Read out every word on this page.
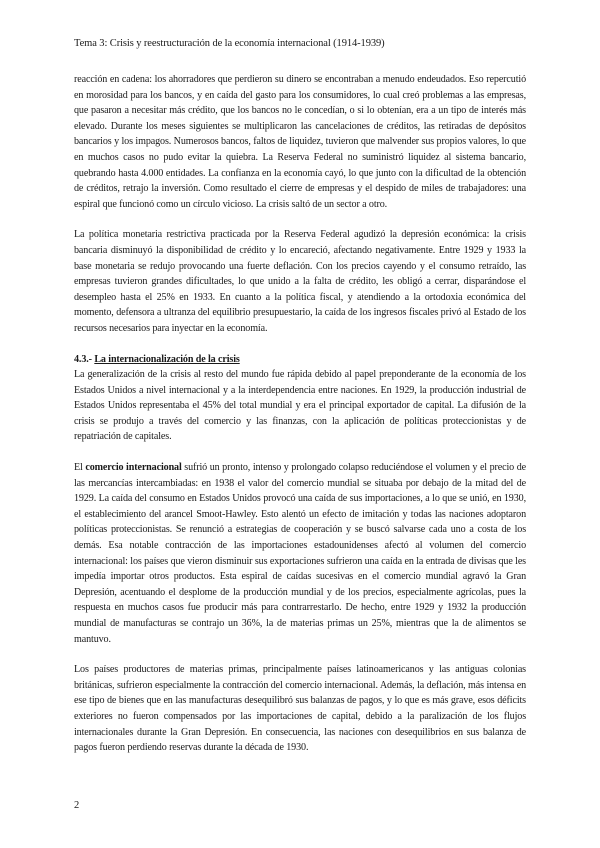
Tema 3: Crisis y reestructuración de la economía internacional (1914-1939)

reacción en cadena: los ahorradores que perdieron su dinero se encontraban a menudo endeudados. Eso repercutió en morosidad para los bancos, y en caída del gasto para los consumidores, lo cual creó problemas a las empresas, que pasaron a necesitar más crédito, que los bancos no le concedían, o si lo obtenían, era a un tipo de interés más elevado. Durante los meses siguientes se multiplicaron las cancelaciones de créditos, las retiradas de depósitos bancarios y los impagos. Numerosos bancos, faltos de liquidez, tuvieron que malvender sus propios valores, lo que en muchos casos no pudo evitar la quiebra. La Reserva Federal no suministró liquidez al sistema bancario, quebrando hasta 4.000 entidades. La confianza en la economía cayó, lo que junto con la dificultad de la obtención de créditos, retrajo la inversión. Como resultado el cierre de empresas y el despido de miles de trabajadores: una espiral que funcionó como un círculo vicioso. La crisis saltó de un sector a otro.

La política monetaria restrictiva practicada por la Reserva Federal agudizó la depresión económica: la crisis bancaria disminuyó la disponibilidad de crédito y lo encareció, afectando negativamente. Entre 1929 y 1933 la base monetaria se redujo provocando una fuerte deflación. Con los precios cayendo y el consumo retraído, las empresas tuvieron grandes dificultades, lo que unido a la falta de crédito, les obligó a cerrar, disparándose el desempleo hasta el 25% en 1933. En cuanto a la política fiscal, y atendiendo a la ortodoxia económica del momento, defensora a ultranza del equilibrio presupuestario, la caída de los ingresos fiscales privó al Estado de los recursos necesarios para inyectar en la economía.

4.3.- La internacionalización de la crisis

La generalización de la crisis al resto del mundo fue rápida debido al papel preponderante de la economía de los Estados Unidos a nivel internacional y a la interdependencia entre naciones. En 1929, la producción industrial de Estados Unidos representaba el 45% del total mundial y era el principal exportador de capital. La difusión de la crisis se produjo a través del comercio y las finanzas, con la aplicación de políticas proteccionistas y de repatriación de capitales.

El comercio internacional sufrió un pronto, intenso y prolongado colapso reduciéndose el volumen y el precio de las mercancías intercambiadas: en 1938 el valor del comercio mundial se situaba por debajo de la mitad del de 1929. La caída del consumo en Estados Unidos provocó una caída de sus importaciones, a lo que se unió, en 1930, el establecimiento del arancel Smoot-Hawley. Esto alentó un efecto de imitación y todas las naciones adoptaron políticas proteccionistas. Se renunció a estrategias de cooperación y se buscó salvarse cada uno a costa de los demás. Esa notable contracción de las importaciones estadounidenses afectó al volumen del comercio internacional: los países que vieron disminuir sus exportaciones sufrieron una caída en la entrada de divisas que les impedía importar otros productos. Esta espiral de caídas sucesivas en el comercio mundial agravó la Gran Depresión, acentuando el desplome de la producción mundial y de los precios, especialmente agrícolas, pues la respuesta en muchos casos fue producir más para contrarrestarlo. De hecho, entre 1929 y 1932 la producción mundial de manufacturas se contrajo un 36%, la de materias primas un 25%, mientras que la de alimentos se mantuvo.

Los países productores de materias primas, principalmente países latinoamericanos y las antiguas colonias británicas, sufrieron especialmente la contracción del comercio internacional. Además, la deflación, más intensa en ese tipo de bienes que en las manufacturas desequilibró sus balanzas de pagos, y lo que es más grave, esos déficits exteriores no fueron compensados por las importaciones de capital, debido a la paralización de los flujos internacionales durante la Gran Depresión. En consecuencia, las naciones con desequilibrios en sus balanza de pagos fueron perdiendo reservas durante la década de 1930.

2
